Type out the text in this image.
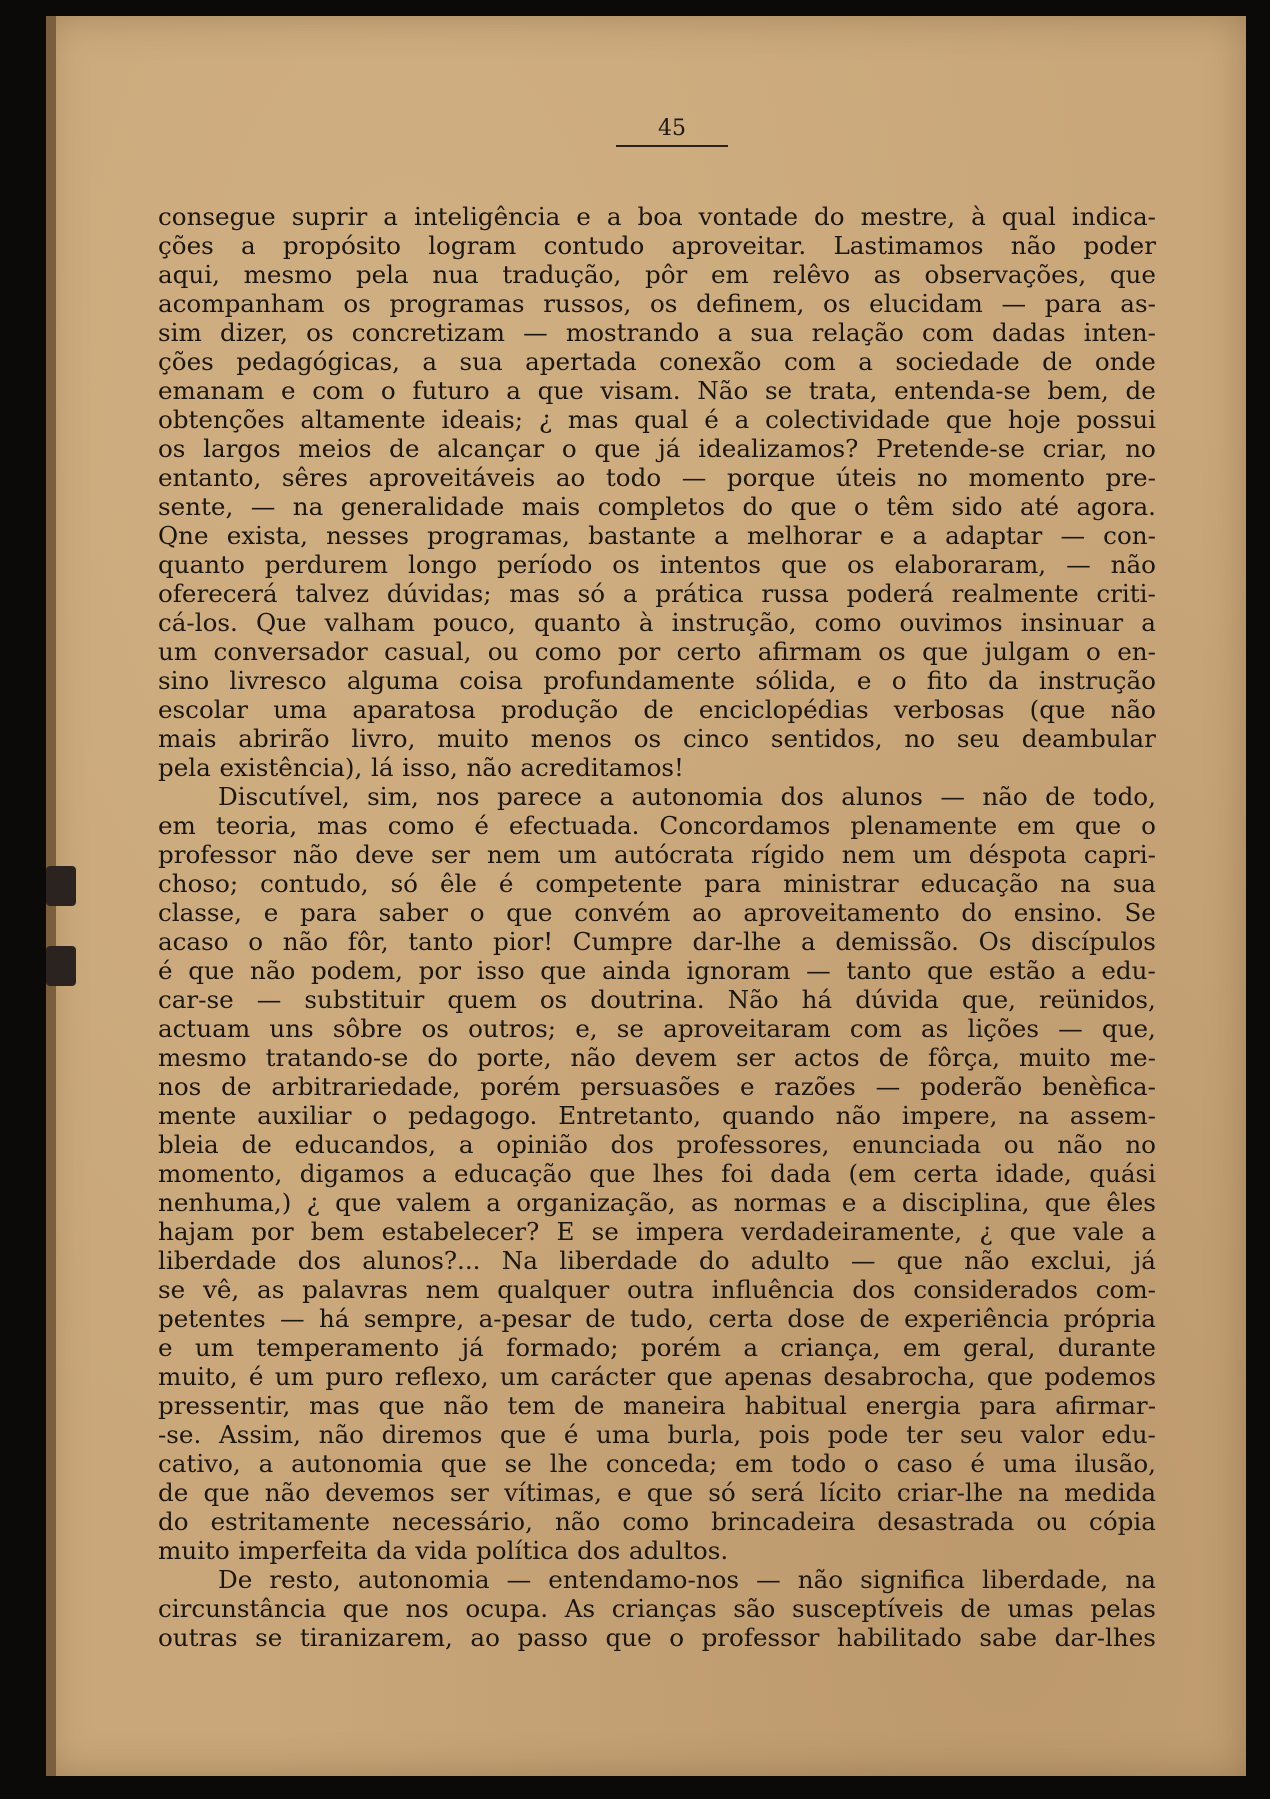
45
consegue suprir a inteligência e a boa vontade do mestre, à qual indica-
ções a propósito logram contudo aproveitar. Lastimamos não poder
aqui, mesmo pela nua tradução, pôr em relêvo as observações, que
acompanham os programas russos, os definem, os elucidam — para as-
sim dizer, os concretizam — mostrando a sua relação com dadas inten-
ções pedagógicas, a sua apertada conexão com a sociedade de onde
emanam e com o futuro a que visam. Não se trata, entenda-se bem, de
obtenções altamente ideais; ¿ mas qual é a colectividade que hoje possui
os largos meios de alcançar o que já idealizamos? Pretende-se criar, no
entanto, sêres aproveitáveis ao todo — porque úteis no momento pre-
sente, — na generalidade mais completos do que o têm sido até agora.
Qne exista, nesses programas, bastante a melhorar e a adaptar — con-
quanto perdurem longo período os intentos que os elaboraram, — não
oferecerá talvez dúvidas; mas só a prática russa poderá realmente criti-
cá-los. Que valham pouco, quanto à instrução, como ouvimos insinuar a
um conversador casual, ou como por certo afirmam os que julgam o en-
sino livresco alguma coisa profundamente sólida, e o fito da instrução
escolar uma aparatosa produção de enciclopédias verbosas (que não
mais abrirão livro, muito menos os cinco sentidos, no seu deambular
pela existência), lá isso, não acreditamos!
Discutível, sim, nos parece a autonomia dos alunos — não de todo,
em teoria, mas como é efectuada. Concordamos plenamente em que o
professor não deve ser nem um autócrata rígido nem um déspota capri-
choso; contudo, só êle é competente para ministrar educação na sua
classe, e para saber o que convém ao aproveitamento do ensino. Se
acaso o não fôr, tanto pior! Cumpre dar-lhe a demissão. Os discípulos
é que não podem, por isso que ainda ignoram — tanto que estão a edu-
car-se — substituir quem os doutrina. Não há dúvida que, reünidos,
actuam uns sôbre os outros; e, se aproveitaram com as lições — que,
mesmo tratando-se do porte, não devem ser actos de fôrça, muito me-
nos de arbitrariedade, porém persuasões e razões — poderão benèfica-
mente auxiliar o pedagogo. Entretanto, quando não impere, na assem-
bleia de educandos, a opinião dos professores, enunciada ou não no
momento, digamos a educação que lhes foi dada (em certa idade, quási
nenhuma,) ¿ que valem a organização, as normas e a disciplina, que êles
hajam por bem estabelecer? E se impera verdadeiramente, ¿ que vale a
liberdade dos alunos?... Na liberdade do adulto — que não exclui, já
se vê, as palavras nem qualquer outra influência dos considerados com-
petentes — há sempre, a-pesar de tudo, certa dose de experiência própria
e um temperamento já formado; porém a criança, em geral, durante
muito, é um puro reflexo, um carácter que apenas desabrocha, que podemos
pressentir, mas que não tem de maneira habitual energia para afirmar-
-se. Assim, não diremos que é uma burla, pois pode ter seu valor edu-
cativo, a autonomia que se lhe conceda; em todo o caso é uma ilusão,
de que não devemos ser vítimas, e que só será lícito criar-lhe na medida
do estritamente necessário, não como brincadeira desastrada ou cópia
muito imperfeita da vida política dos adultos.
De resto, autonomia — entendamo-nos — não significa liberdade, na
circunstância que nos ocupa. As crianças são susceptíveis de umas pelas
outras se tiranizarem, ao passo que o professor habilitado sabe dar-lhes
